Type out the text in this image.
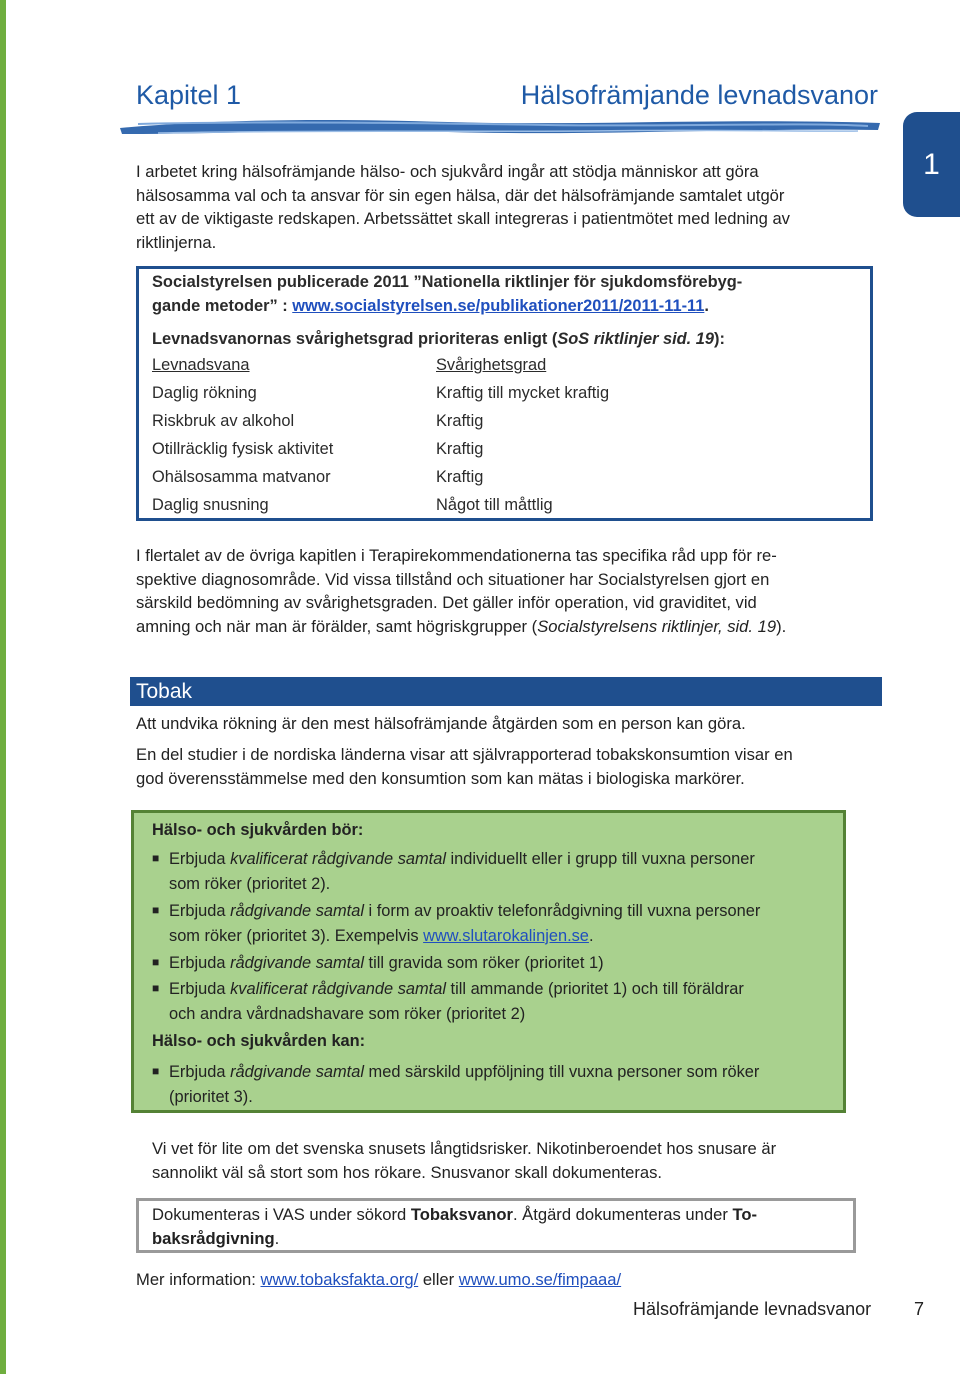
Kapitel 1	Hälsofrämjande levnadsvanor
1
I arbetet kring hälsofrämjande hälso- och sjukvård ingår att stödja människor att göra
hälsosamma val och ta ansvar för sin egen hälsa, där det hälsofrämjande samtalet utgör
ett av de viktigaste redskapen. Arbetssättet skall integreras i patientmötet med ledning av
riktlinjerna.
Socialstyrelsen publicerade 2011 ”Nationella riktlinjer för sjukdomsförebyg-
gande metoder” : www.socialstyrelsen.se/publikationer2011/2011-11-11.
Levnadsvanornas svårighetsgrad prioriteras enligt (SoS riktlinjer sid. 19):
Levnadsvana	Svårighetsgrad
Daglig rökning	Kraftig till mycket kraftig
Riskbruk av alkohol	Kraftig
Otillräcklig fysisk aktivitet	Kraftig
Ohälsosamma matvanor	Kraftig
Daglig snusning	Något till måttlig
I flertalet av de övriga kapitlen i Terapirekommendationerna tas specifika råd upp för re-
spektive diagnosområde. Vid vissa tillstånd och situationer har Socialstyrelsen gjort en
särskild bedömning av svårighetsgraden. Det gäller inför operation, vid graviditet, vid
amning och när man är förälder, samt högriskgrupper (Socialstyrelsens riktlinjer, sid. 19).
Tobak
Att undvika rökning är den mest hälsofrämjande åtgärden som en person kan göra.
En del studier i de nordiska länderna visar att självrapporterad tobakskonsumtion visar en
god överensstämmelse med den konsumtion som kan mätas i biologiska markörer.
Hälso- och sjukvården bör:
■ Erbjuda kvalificerat rådgivande samtal individuellt eller i grupp till vuxna personer
som röker (prioritet 2).
■ Erbjuda rådgivande samtal i form av proaktiv telefonrådgivning till vuxna personer
som röker (prioritet 3). Exempelvis www.slutarokalinjen.se.
■ Erbjuda rådgivande samtal till gravida som röker (prioritet 1)
■ Erbjuda kvalificerat rådgivande samtal till ammande (prioritet 1) och till föräldrar
och andra vårdnadshavare som röker (prioritet 2)
Hälso- och sjukvården kan:
■ Erbjuda rådgivande samtal med särskild uppföljning till vuxna personer som röker
(prioritet 3).
Vi vet för lite om det svenska snusets långtidsrisker. Nikotinberoendet hos snusare är
sannolikt väl så stort som hos rökare. Snusvanor skall dokumenteras.
Dokumenteras i VAS under sökord Tobaksvanor. Åtgärd dokumenteras under To-
baksrådgivning.
Mer information: www.tobaksfakta.org/ eller www.umo.se/fimpaaa/
Hälsofrämjande levnadsvanor 7
